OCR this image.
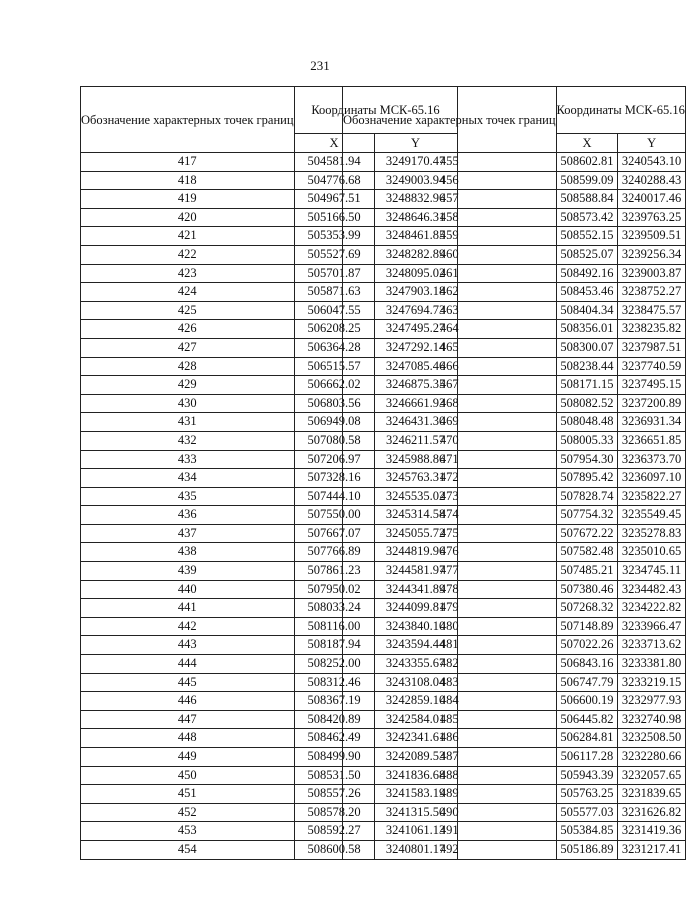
231
Обозначение характерных точек границ	Координаты МСК-65.16	
	X	Y
417	504581.94	3249170.47
418	504776.68	3249003.94
419	504967.51	3248832.96
420	505166.50	3248646.31
421	505353.99	3248461.85
422	505527.69	3248282.89
423	505701.87	3248095.02
424	505871.63	3247903.18
425	506047.55	3247694.73
426	506208.25	3247495.27
427	506364.28	3247292.14
428	506515.57	3247085.46
429	506662.02	3246875.35
430	506803.56	3246661.93
431	506949.08	3246431.30
432	507080.58	3246211.57
433	507206.97	3245988.86
434	507328.16	3245763.31
435	507444.10	3245535.02
436	507550.00	3245314.58
437	507667.07	3245055.72
438	507766.89	3244819.96
439	507861.23	3244581.97
440	507950.02	3244341.89
441	508033.24	3244099.81
442	508116.00	3243840.10
443	508187.94	3243594.44
444	508252.00	3243355.67
445	508312.46	3243108.04
446	508367.19	3242859.10
447	508420.89	3242584.01
448	508462.49	3242341.61
449	508499.90	3242089.53
450	508531.50	3241836.68
451	508557.26	3241583.19
452	508578.20	3241315.50
453	508592.27	3241061.13
454	508600.58	3240801.17
Обозначение характерных точек границ	Координаты МСК-65.16	
	X	Y
455	508602.81	3240543.10
456	508599.09	3240288.43
457	508588.84	3240017.46
458	508573.42	3239763.25
459	508552.15	3239509.51
460	508525.07	3239256.34
461	508492.16	3239003.87
462	508453.46	3238752.27
463	508404.34	3238475.57
464	508356.01	3238235.82
465	508300.07	3237987.51
466	508238.44	3237740.59
467	508171.15	3237495.15
468	508082.52	3237200.89
469	508048.48	3236931.34
470	508005.33	3236651.85
471	507954.30	3236373.70
472	507895.42	3236097.10
473	507828.74	3235822.27
474	507754.32	3235549.45
475	507672.22	3235278.83
476	507582.48	3235010.65
477	507485.21	3234745.11
478	507380.46	3234482.43
479	507268.32	3234222.82
480	507148.89	3233966.47
481	507022.26	3233713.62
482	506843.16	3233381.80
483	506747.79	3233219.15
484	506600.19	3232977.93
485	506445.82	3232740.98
486	506284.81	3232508.50
487	506117.28	3232280.66
488	505943.39	3232057.65
489	505763.25	3231839.65
490	505577.03	3231626.82
491	505384.85	3231419.36
492	505186.89	3231217.41
